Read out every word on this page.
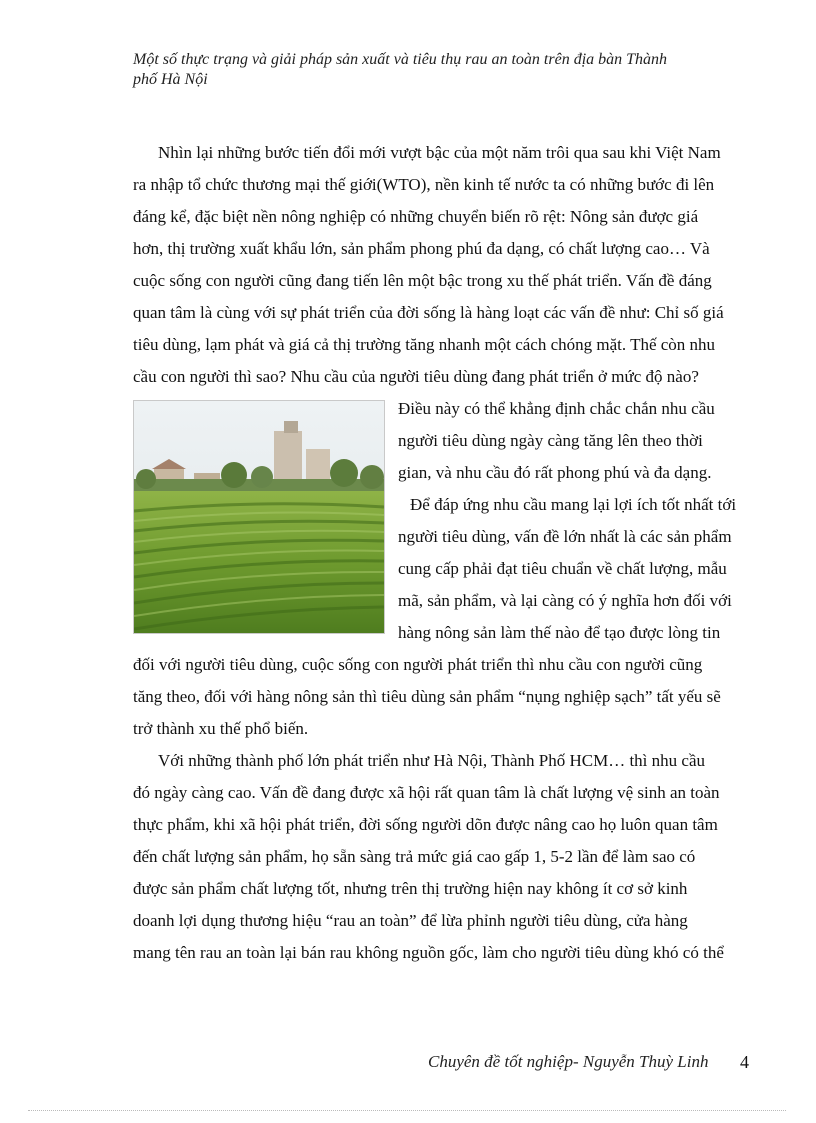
Một số thực trạng và giải pháp sản xuất và tiêu thụ rau an toàn trên địa bàn Thành
phố Hà Nội
Nhìn lại những bước tiến đổi mới vượt bậc của một năm trôi qua sau khi Việt Nam
ra nhập tổ chức thương mại thế giới(WTO), nền kinh tế nước ta có những bước đi lên
đáng kể, đặc biệt nền nông nghiệp có những chuyển biến rõ rệt: Nông sản được giá
hơn, thị trường xuất khẩu lớn, sản phẩm phong phú đa dạng, có chất lượng cao… Và
cuộc sống con người cũng đang tiến lên một bậc trong xu thế phát triển. Vấn đề đáng
quan tâm là cùng với sự phát triển của đời sống là hàng loạt các vấn đề như: Chỉ số giá
tiêu dùng, lạm phát và giá cả thị trường tăng nhanh một cách chóng mặt. Thế còn nhu
cầu con người thì sao? Nhu cầu của người tiêu dùng đang phát triển ở mức độ nào?
Điều này có thể khẳng định chắc chắn nhu cầu
người tiêu dùng ngày càng tăng lên theo thời
gian, và nhu cầu đó rất phong phú và đa dạng.
Để đáp ứng nhu cầu mang lại lợi ích tốt nhất tới
người tiêu dùng, vấn đề lớn nhất là các sản phẩm
cung cấp phải đạt tiêu chuẩn về chất lượng, mẫu
mã, sản phẩm, và lại càng có ý nghĩa hơn đối với
hàng nông sản làm thế nào để tạo được lòng tin
đối với người tiêu dùng, cuộc sống con người phát triển thì nhu cầu con người cũng
tăng theo, đối với hàng nông sản thì tiêu dùng sản phẩm “nụng nghiệp sạch” tất yếu sẽ
trở thành xu thế phổ biến.
Với những thành phố lớn phát triển như Hà Nội, Thành Phố HCM… thì nhu cầu
đó ngày càng cao. Vấn đề đang được xã hội rất quan tâm là chất lượng vệ sinh an toàn
thực phẩm, khi xã hội phát triển, đời sống người dõn được nâng cao họ luôn quan tâm
đến chất lượng sản phẩm, họ sẵn sàng trả mức giá cao gấp 1, 5-2 lần để làm sao có
được sản phẩm chất lượng tốt, nhưng trên thị trường hiện nay không ít cơ sở kinh
doanh lợi dụng thương hiệu “rau an toàn” để lừa phỉnh người tiêu dùng, cửa hàng
mang tên rau an toàn lại bán rau không nguồn gốc, làm cho người tiêu dùng khó có thể
Chuyên đề tốt nghiệp- Nguyễn Thuỳ Linh 4
